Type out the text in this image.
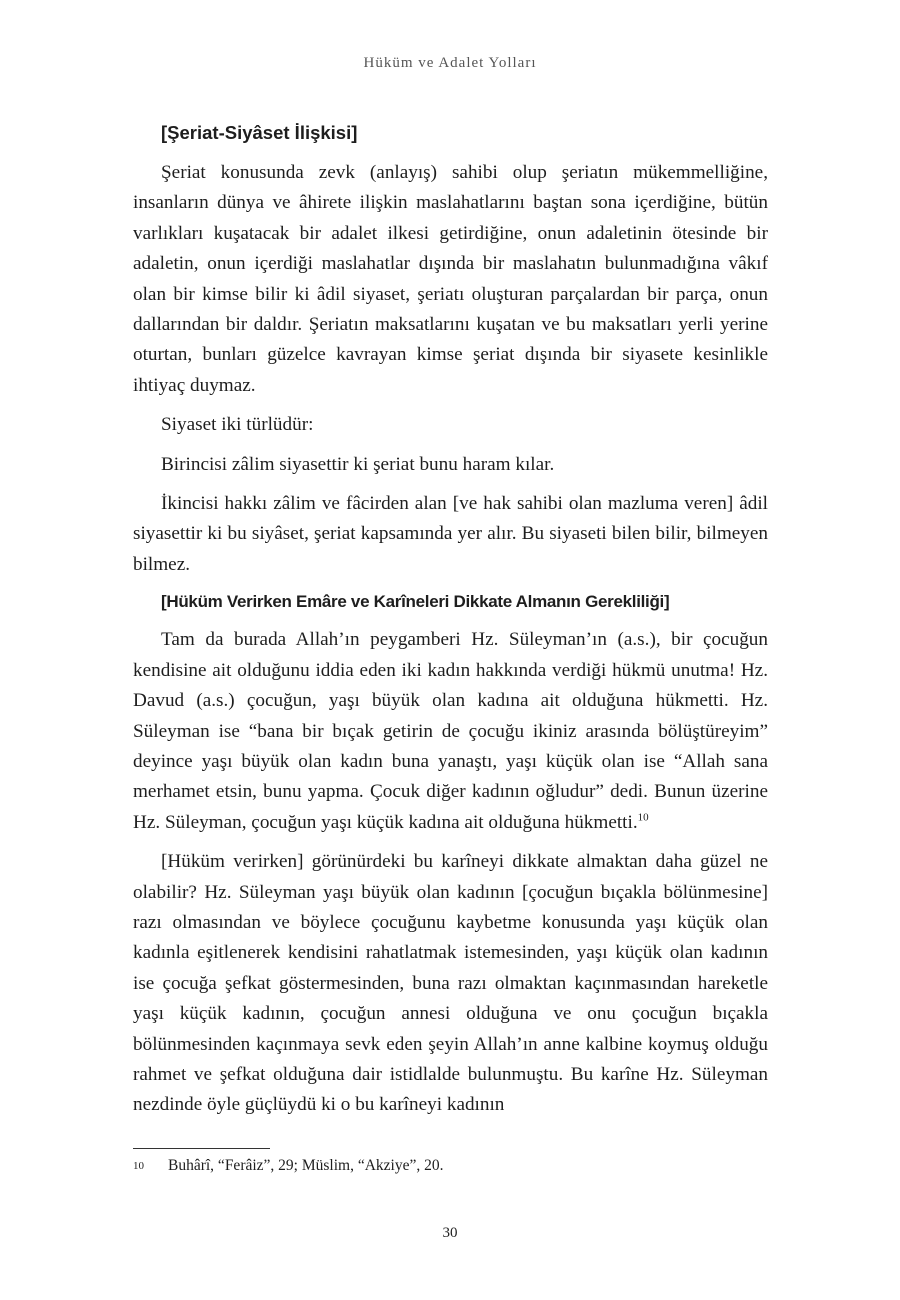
Hüküm ve Adalet Yolları
[Şeriat-Siyâset İlişkisi]

Şeriat konusunda zevk (anlayış) sahibi olup şeriatın mükemmelliğine, insanların dünya ve âhirete ilişkin maslahatlarını baştan sona içerdiğine, bütün varlıkları kuşatacak bir adalet ilkesi getirdiğine, onun adaletinin ötesinde bir adaletin, onun içerdiği maslahatlar dışında bir maslahatın bulunmadığına vâkıf olan bir kimse bilir ki âdil siyaset, şeriatı oluşturan parçalardan bir parça, onun dallarından bir daldır. Şeriatın maksatlarını kuşatan ve bu maksatları yerli yerine oturtan, bunları güzelce kavrayan kimse şeriat dışında bir siyasete kesinlikle ihtiyaç duymaz.

Siyaset iki türlüdür:

Birincisi zâlim siyasettir ki şeriat bunu haram kılar.

İkincisi hakkı zâlim ve fâcirden alan [ve hak sahibi olan mazluma veren] âdil siyasettir ki bu siyâset, şeriat kapsamında yer alır. Bu siyaseti bilen bilir, bilmeyen bilmez.

[Hüküm Verirken Emâre ve Karîneleri Dikkate Almanın Gerekliliği]

Tam da burada Allah’ın peygamberi Hz. Süleyman’ın (a.s.), bir çocuğun kendisine ait olduğunu iddia eden iki kadın hakkında verdiği hükmü unutma! Hz. Davud (a.s.) çocuğun, yaşı büyük olan kadına ait olduğuna hükmetti. Hz. Süleyman ise “bana bir bıçak getirin de çocuğu ikiniz arasında bölüştüreyim” deyince yaşı büyük olan kadın buna yanaştı, yaşı küçük olan ise “Allah sana merhamet etsin, bunu yapma. Çocuk diğer kadının oğludur” dedi. Bunun üzerine Hz. Süleyman, çocuğun yaşı küçük kadına ait olduğuna hükmetti.$^{10}$

[Hüküm verirken] görünürdeki bu karîneyi dikkate almaktan daha güzel ne olabilir? Hz. Süleyman yaşı büyük olan kadının [çocuğun bıçakla bölünmesine] razı olmasından ve böylece çocuğunu kaybetme konusunda yaşı küçük olan kadınla eşitlenerek kendisini rahatlatmak istemesinden, yaşı küçük olan kadının ise çocuğa şefkat göstermesinden, buna razı olmaktan kaçınmasından hareketle yaşı küçük kadının, çocuğun annesi olduğuna ve onu çocuğun bıçakla bölünmesinden kaçınmaya sevk eden şeyin Allah’ın anne kalbine koymuş olduğu rahmet ve şefkat olduğuna dair istidlalde bulunmuştu. Bu karîne Hz. Süleyman nezdinde öyle güçlüydü ki o bu karîneyi kadının

10 Buhârî, “Ferâiz”, 29; Müslim, “Akziye”, 20.
30
